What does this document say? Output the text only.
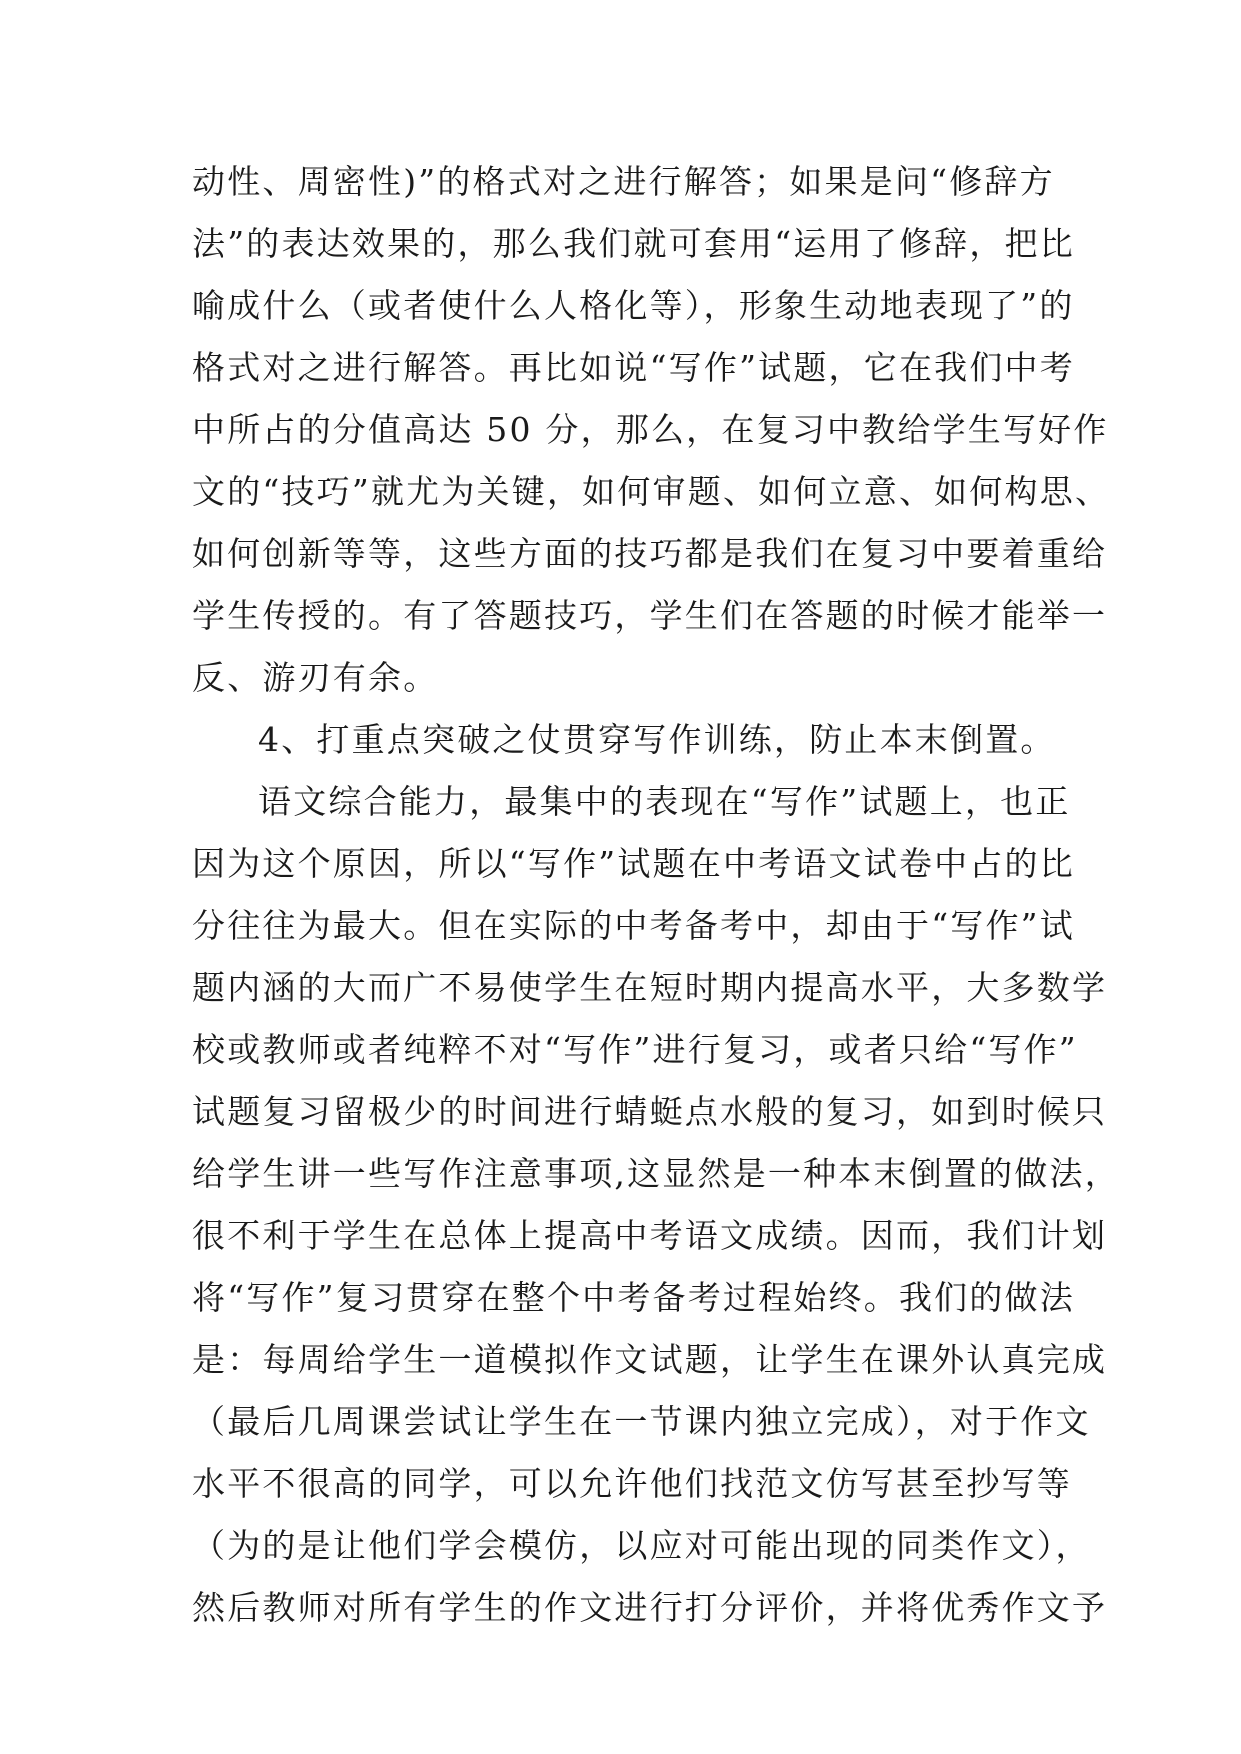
动性、周密性)”的格式对之进行解答；如果是问“修辞方
法”的表达效果的，那么我们就可套用“运用了修辞，把比
喻成什么（或者使什么人格化等），形象生动地表现了”的
格式对之进行解答。再比如说“写作”试题，它在我们中考
中所占的分值高达 50 分，那么，在复习中教给学生写好作
文的“技巧”就尤为关键，如何审题、如何立意、如何构思、
如何创新等等，这些方面的技巧都是我们在复习中要着重给
学生传授的。有了答题技巧，学生们在答题的时候才能举一
反、游刃有余。
4、打重点突破之仗贯穿写作训练，防止本末倒置。
语文综合能力，最集中的表现在“写作”试题上，也正
因为这个原因，所以“写作”试题在中考语文试卷中占的比
分往往为最大。但在实际的中考备考中，却由于“写作”试
题内涵的大而广不易使学生在短时期内提高水平，大多数学
校或教师或者纯粹不对“写作”进行复习，或者只给“写作”
试题复习留极少的时间进行蜻蜓点水般的复习，如到时候只
给学生讲一些写作注意事项,这显然是一种本末倒置的做法，
很不利于学生在总体上提高中考语文成绩。因而，我们计划
将“写作”复习贯穿在整个中考备考过程始终。我们的做法
是：每周给学生一道模拟作文试题，让学生在课外认真完成
（最后几周课尝试让学生在一节课内独立完成），对于作文
水平不很高的同学，可以允许他们找范文仿写甚至抄写等
（为的是让他们学会模仿，以应对可能出现的同类作文），
然后教师对所有学生的作文进行打分评价，并将优秀作文予
